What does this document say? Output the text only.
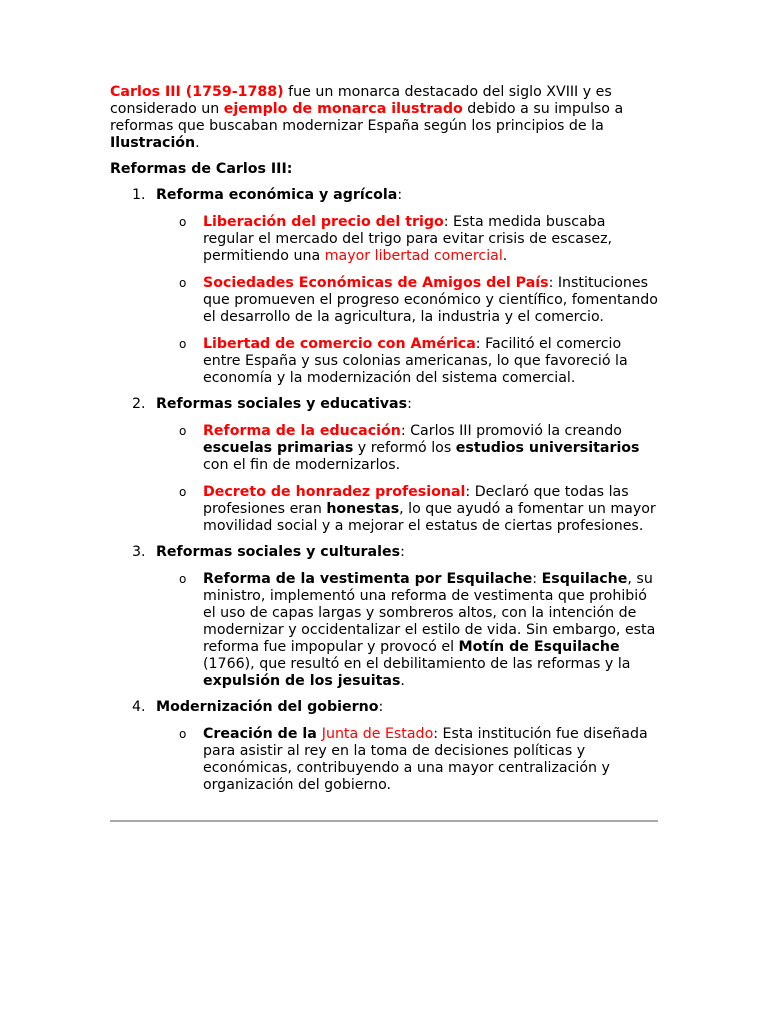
Carlos III (1759-1788) fue un monarca destacado del siglo XVIII y es considerado un ejemplo de monarca ilustrado debido a su impulso a reformas que buscaban modernizar España según los principios de la Ilustración.

Reformas de Carlos III:

1. Reforma económica y agrícola:

o Liberación del precio del trigo: Esta medida buscaba regular el mercado del trigo para evitar crisis de escasez, permitiendo una mayor libertad comercial.

o Sociedades Económicas de Amigos del País: Instituciones que promueven el progreso económico y científico, fomentando el desarrollo de la agricultura, la industria y el comercio.

o Libertad de comercio con América: Facilitó el comercio entre España y sus colonias americanas, lo que favoreció la economía y la modernización del sistema comercial.

2. Reformas sociales y educativas:

o Reforma de la educación: Carlos III promovió la creando escuelas primarias y reformó los estudios universitarios con el fin de modernizarlos.

o Decreto de honradez profesional: Declaró que todas las profesiones eran honestas, lo que ayudó a fomentar un mayor movilidad social y a mejorar el estatus de ciertas profesiones.

3. Reformas sociales y culturales:

o Reforma de la vestimenta por Esquilache: Esquilache, su ministro, implementó una reforma de vestimenta que prohibió el uso de capas largas y sombreros altos, con la intención de modernizar y occidentalizar el estilo de vida. Sin embargo, esta reforma fue impopular y provocó el Motín de Esquilache (1766), que resultó en el debilitamiento de las reformas y la expulsión de los jesuitas.

4. Modernización del gobierno:

o Creación de la Junta de Estado: Esta institución fue diseñada para asistir al rey en la toma de decisiones políticas y económicas, contribuyendo a una mayor centralización y organización del gobierno.
